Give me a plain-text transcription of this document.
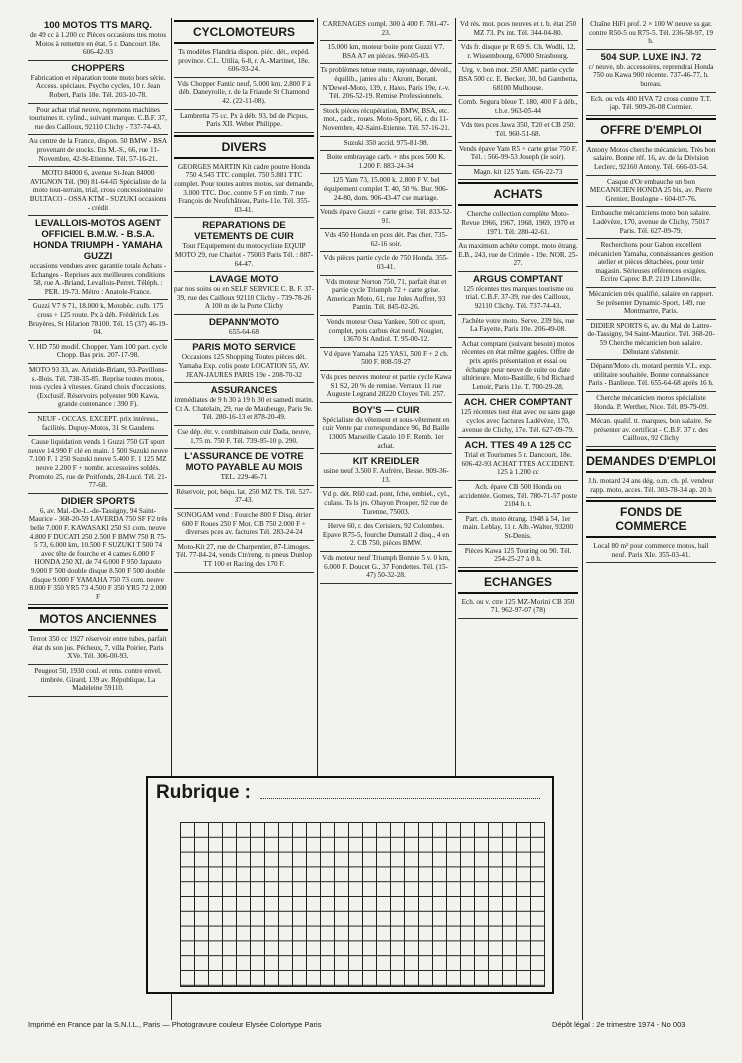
100 MOTOS TTS MARQ.

de 49 cc à 1.200 cc Pièces occasions ttes motos Motos à remettre en état. 5 r. Dancourt 18e. 606-42-93

CHOPPERS

Fabrication et réparation toute moto hors série. Access. spéciaux. Psycho cycles, 10 r. Jean Robert, Paris 18e. Tél. 203-10-78.

Pour achat trial neuve, reprenons machines tourismes tt. cylind., suivant marque. C.B.F. 37, rue des Cailloux, 92110 Clichy - 737-74-43.

Au centre de la France, dispon. 50 BMW - BSA provenant de stocks. Ets M.-S., 66, rue 11-Novembre, 42-St-Etienne. Tél. 57-16-21.

MOTO 84000 6, avenue St-Jean 84000 AVIGNON Tél. (90) 81-64-65 Spécialiste de la moto tout-terrain, trial, cross concessionnaire BULTACO - OSSA KTM - SUZUKI occasions - crédit

LEVALLOIS-MOTOS AGENT OFFICIEL B.M.W. - B.S.A. HONDA TRIUMPH - YAMAHA GUZZI

occasions vendues avec garantie totale Achats - Echanges - Reprises aux meilleures conditions 58, rue A.-Briand, Levallois-Perret. Téléph. : PER. 19-73. Métro : Anatole-France.

Guzzi V7 S 71, 18.000 k, Motobéc. culb. 175 cross + 125 route. Px à déb. Frédérick Les Bruyères, St Hilarion 78100. Tél. 15 (37) 46-19-04.

V. HD 750 modif. Chopper. Yam 100 part. cycle Chopp. Bas prix. 207-17-98.

MOTO 93 33, av. Aristide-Briant, 93-Pavillons-s.-Bois. Tél. 738-35-85. Reprise toutes motos, tous cycles à vitesses. Grand choix d'occasions. (Exclusif. Réservoirs polyester 900 Kawa, grande contenance : 390 F).

NEUF - OCCAS. EXCEPT. prix intéress., facilités. Dupuy-Motos, 31 St Gaudens

Cause liquidation vends 1 Guzzi 750 GT sport neuve 14.990 F clé en main. 1 500 Suzuki neuve 7.100 F. 1 250 Suzuki neuve 5.400 F. 1 125 MZ neuve 2.200 F + nombr. accessoires soldés. Promoto 25, rue de Poitfonds, 28-Lucé. Tél. 21-77-68.

DIDIER SPORTS

6, av. Mal.-De-L.-de-Tassigny, 94 Saint-Maurice - 368-20-59 LAVERDA 750 SF F2 très belle 7.000 F. KAWASAKI 250 S1 com. neuve 4.800 F DUCATI 250 2.500 F BMW 750 R 75-5 73, 6.000 km, 10.500 F SUZUKI T 500 74 avec tête de fourche et 4 cames 6.000 F HONDA 250 XL de 74 6.000 F 950 Japauto 9.000 F 500 double disque 8.500 F 500 double disque 9.000 F YAMAHA 750 73 com. neuve 8.000 F 350 YR5 73 4.500 F 350 YR5 72 2.000 F

MOTOS ANCIENNES

Terrot 350 cc 1927 réservoir entre tubes, parfait état ds son jus. Pécheux, 7, villa Poirier, Paris XVe. Tél. 306-00-93.

Peugeot 50, 1930 coul. et rens. contre envel. timbrée. Girard, 139 av. République, La Madeleine 59110.

CYCLOMOTEURS

Ts modèles Flandria dispon. pièc. dét., expéd. province. C.L. Utilia, 6-8, r. A.-Martinet, 18e. 606-93-24.

Vds Chopper Fantic neuf, 5.000 km. 2.800 F à déb. Daneyrolle, r. de la Friaude St Chamond 42. (22-11-08).

Lambretta 75 cc. Px à déb. 93, bd de Picpus, Paris XII. Weber Philippe.

DIVERS

GEORGES MARTIN Kit cadre poutre Honda 750 4.545 TTC complet. 750 5.881 TTC complet. Pour toutes autres motos, sur demande, 3.000 TTC. Doc. contre 5 F en timb. 7 rue François de Neufchâteau, Paris-11e. Tél. 355-03-41.

REPARATIONS DE VETEMENTS DE CUIR

Tout l'Equipement du motocycliste EQUIP MOTO 29, rue Charlot - 75003 Paris Tél. : 887-64-47.

LAVAGE MOTO

par nos soins ou en SELF SERVICE C. B. F. 37-39, rue des Cailloux 92110 Clichy - 739-78-26 A 100 m de la Porte Clichy

DEPANN'MOTO

655-64-68

PARIS MOTO SERVICE

Occasions 125 Shopping Toutes pièces dét. Yamaha Exp. colis poste LOCATION 55, AV. JEAN-JAURES PARIS 19e - 208-70-32

ASSURANCES

immédiates de 9 h 30 à 19 h 30 et samedi matin. Ct A. Chatelain, 29, rue de Maubeuge, Paris 9e. Tél. 280-16-13 et 878-20-49.

Cse dép. étr. v. combinaison cuir Dada, neuve, 1,75 m. 750 F. Tél. 739-95-10 p. 290.

L'ASSURANCE DE VOTRE MOTO PAYABLE AU MOIS

TEL. 229-46-71

Réservoir, pot, béqu. lat. 250 MZ TS. Tél. 527-37-43.

SONOGAM vend : Fourche 800 F Disq. étrier 600 F Roues 250 F Mot. CB 750 2.000 F + diverses pces av. factures Tél. 283-24-24

Moto-Kit 27, rue de Charpentier, 87-Limoges. Tél. 77-84-24, vends Ctr/reng. ts pneus Dunlop TT 100 et Racing des 170 F.

CARENAGES compl. 300 à 400 F. 781-47-23.

15.000 km, moteur boite pont Guzzi V7. BSA A7 en pièces. 960-05-03.

Ts problèmes tenue route, rayonnage, dévoil., équilib., jantes alu : Akront, Borani. N'Dewel-Moto, 139, r. Haxo, Paris 19e, r.-v. Tél. 206-52-19. Remise Professionnels.

Stock pièces récupération, BMW, BSA, etc. mot., cadr., roues. Moto-Sport, 66, r. du 11-Novembre, 42-Saint-Etienne. Tél. 57-16-21.

Suzuki 350 accid. 975-81-98.

Boite embrayage carb. + nbs pces 500 K. 1.200 F. 883-24-34

125 Yam 73, 15.000 k. 2.800 F V. bel équipement complet T. 40, 50 %. Bur. 906-24-80, dom. 906-43-47 cse mariage.

Vends épave Guzzi + carte grise. Tél. 833-52-91.

Vds 450 Honda en pces dét. Pas cher. 735-62-16 soir.

Vds pièces partie cycle de 750 Honda. 355-03-41.

Vds moteur Norton 750, 71, parfait état et partie cycle Triumph 72 + carte grise. American Moto, 61, rue Jules Auffret, 93 Pantin. Tél. 845-02-26.

Vends moteur Ossa Yankee, 500 cc sport, complet, pots carbus état neuf. Nougier, 13670 St Andiol. T. 95-00-12.

Vd épave Yamaha 125 YAS1, 500 F + 2 ch. 500 F. 808-59-27

Vds pces neuves moteur et partie cycle Kawa S1 S2, 20 % de remise. Verraux 11 rue Auguste Legrand 28220 Cloyes Tél. 257.

BOY'S — CUIR

Spécialiste du vêtement et sous-vêtement en cuir Vente par correspondance 96, Bd Baille 13005 Marseille Catalo 10 F. Remb. 1er achat.

KIT KREIDLER

usine neuf 3.500 F. Aufrère, Besse. 909-36-13.

Vd p. dét. R60 cad. pont, fche, embiel., cyl., culass. Ts ls jrs. Ohayon Prosper, 92 rue de Turenne, 75003.

Herve 60, r. des Cerisiers, 92 Colombes. Epave R75-5, fourche Dunstall 2 disq., 4 en 2. CB 750, pièces BMW.

Vds moteur neuf Triumph Bonnie 5 v. 0 km, 6.000 F. Doucet G., 37 Fondettes. Tél. (15-47) 50-32-28.

Vd rés. mot. pces neuves et t. b. état 250 MZ 73. Px int. Tél. 344-04-80.

Vds fr. disque pr R 69 S. Ch. Wodli, 12, r. Wissembourg, 67000 Strasbourg.

Urg. v. bon mot. 250 AMC partie cycle BSA 500 cc. E. Becker, 30, bd Gambetta, 68100 Mulhouse.

Comb. Segura bleue T. 180, 400 F à déb., t.b.e. 963-05-44

Vds ttes pces Jawa 350, T20 et CB 250. Tél. 960-51-68.

Vends épave Yam R5 + carte grise 750 F. Tél. : 566-99-53 Joseph (le soir).

Magn. kit 125 Yam. 656-22-73

ACHATS

Cherche collection complète Moto-Revue 1966, 1967, 1968, 1969, 1970 et 1971. Tél. 280-42-61.

Au maximum achète compt. moto étrang. E.B., 243, rue de Crimée - 19e. NOR. 25-27.

ARGUS COMPTANT

125 récentes ttes marques tourisme ou trial. C.B.F. 37-39, rue des Cailloux, 92110 Clichy. Tél. 737-74-43.

J'achète votre moto. Serve, 239 bis, rue La Fayette, Paris 10e. 206-49-08.

Achat comptant (suivant besoin) motos récentes en état même gagées. Offre de prix après présentation et essai ou échange pour neuve de suite ou date ultérieure. Moto-Bastille, 6 bd Richard Lenoir, Paris 11e. T. 700-29-28.

ACH. CHER COMPTANT

125 récentes tout état avec ou sans gage cyclos avec factures Ladévèze, 170, avenue de Clichy, 17e. Tél. 627-09-79.

ACH. TTES 49 A 125 CC

Trial et Tourismes 5 r. Dancourt, 18e. 606-42-93 ACHAT TTES ACCIDENT. 125 à 1.200 cc

Ach. épave CB 500 Honda ou accidentée. Gomes, Tél. 780-71-57 poste 2104 h. t.

Part. ch. moto étrang. 1948 à 54, 1er main. Leblay, 11 r. Alb.-Walter, 93200 St-Denis.

Pièces Kawa 125 Touring ou 90. Tél. 254-25-27 à 8 h.

ECHANGES

Ech. ou v. ctre 125 MZ-Morini CB 350 71. 962-97-07 (78)

Chaîne HiFi prof. 2 × 100 W neuve ss gar. contre R50-5 ou R75-5. Tél. 236-58-97, 19 h.

504 SUP. LUXE INJ. 72

c/ neuve, nb. accessoires, reprendrai Honda 750 ou Kawa 900 récente. 737-46-77, h. bureau.

Ech. ou vds 400 HVA 72 cross contre T.T. jap. Tél. 909-26-08 Cormier.

OFFRE D'EMPLOI

Antony Motos cherche mécanicien. Très bon salaire. Bonne réf. 16, av. de la Division Leclerc, 92160 Antony. Tél. 666-03-54.

Casque d'Or embauche un bon MECANICIEN HONDA 25 bis, av. Pierre Grenier, Boulogne - 604-07-76.

Embauche mécaniciens moto bon salaire. Ladévèze, 170, avenue de Clichy, 75017 Paris. Tél. 627-09-79.

Recherchons pour Gabon excellent mécanicien Yamaha, connaissances gestion atelier et pièces détachées, pour tenir magasin. Sérieuses références exigées. Ecrire Caprec B.P. 2119 Libreville.

Mécanicien très qualifié, salaire en rapport. Se présenter Dynamic-Sport, 149, rue Montmartre, Paris.

DIDIER SPORTS 6, av. du Mal de Lattre-de-Tassigny, 94 Saint-Maurice. Tél. 368-20-59 Cherche mécanicien bon salaire. Débutant s'abstenir.

Dépann'Moto ch. motard permis V.L. exp. utilitaire souhaitée. Bonne connaissance Paris - Banlieue. Tél. 655-64-68 après 16 h.

Cherche mécanicien motos spécialiste Honda. P. Werther, Nice. Tél. 89-79-09.

Mécan. qualif. tt. marques, bon salaire. Se présenter av. certificat - C.B.F. 37 r. des Cailloux, 92 Clichy

DEMANDES D'EMPLOI

J.h. motard 24 ans dég. o.m. ch. pl. vendeur rapp. moto, acces. Tél. 303-78-34 ap. 20 h

FONDS DE COMMERCE

Local 80 m² pour commerce motos, bail neuf. Paris XIe. 355-03-41.

Rubrique :
Imprimé en France par la S.N.I.L., Paris — Photogravure couleur Elysée Colortype Paris	Dépôt légal : 2e trimestre 1974 - No 003
